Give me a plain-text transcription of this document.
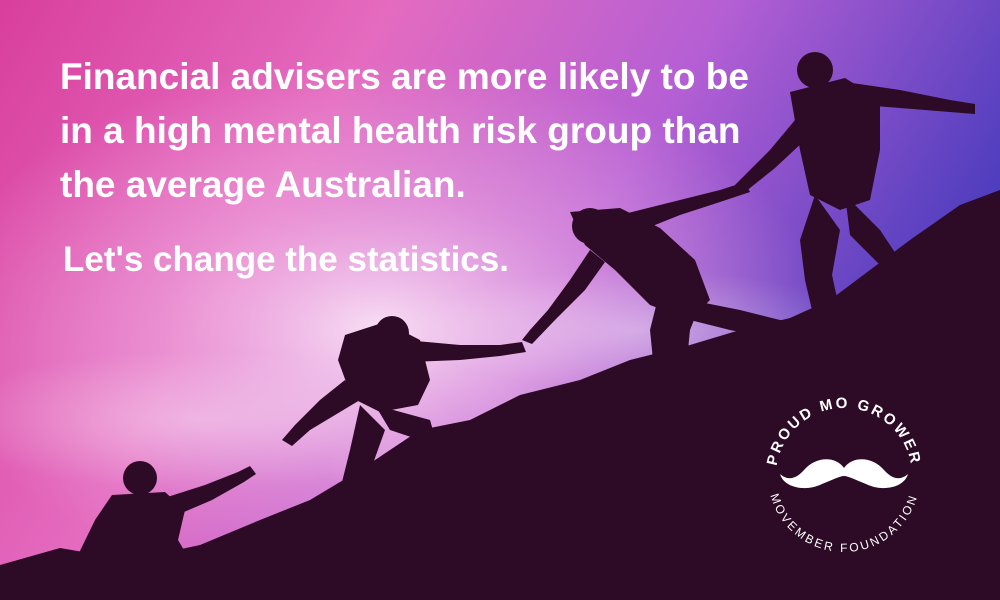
Financial advisers are more likely to be in a high mental health risk group than the average Australian.

Let's change the statistics.

PROUD MO GROWER
MOVEMBER FOUNDATION
